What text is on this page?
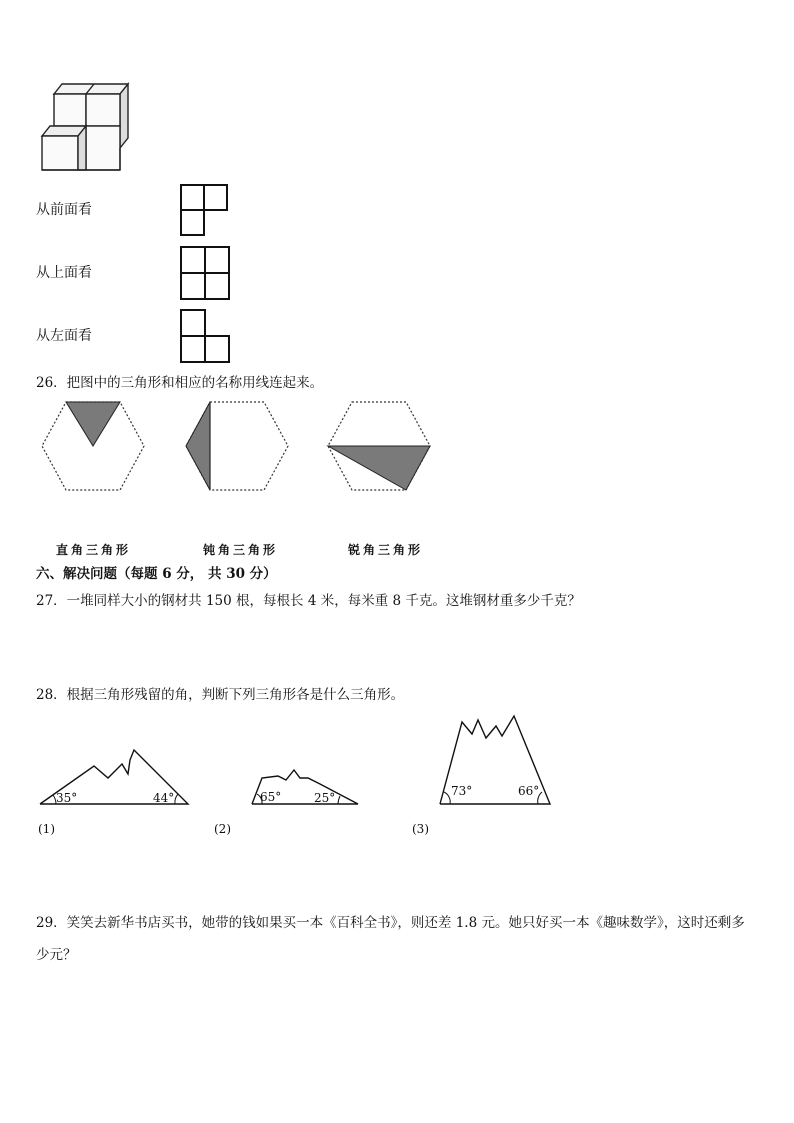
从前面看
从上面看
从左面看
26．把图中的三角形和相应的名称用线连起来。
直角三角形	钝角三角形	锐角三角形
六、解决问题（每题 6 分， 共 30 分）
27．一堆同样大小的钢材共 150 根，每根长 4 米，每米重 8 千克。这堆钢材重多少千克？
28．根据三角形残留的角，判断下列三角形各是什么三角形。
35°	44°
(1)
65°	25°
(2)
73°	66°
(3)
29．笑笑去新华书店买书，她带的钱如果买一本《百科全书》，则还差 1.8 元。她只好买一本《趣味数学》，这时还剩多
少元？
